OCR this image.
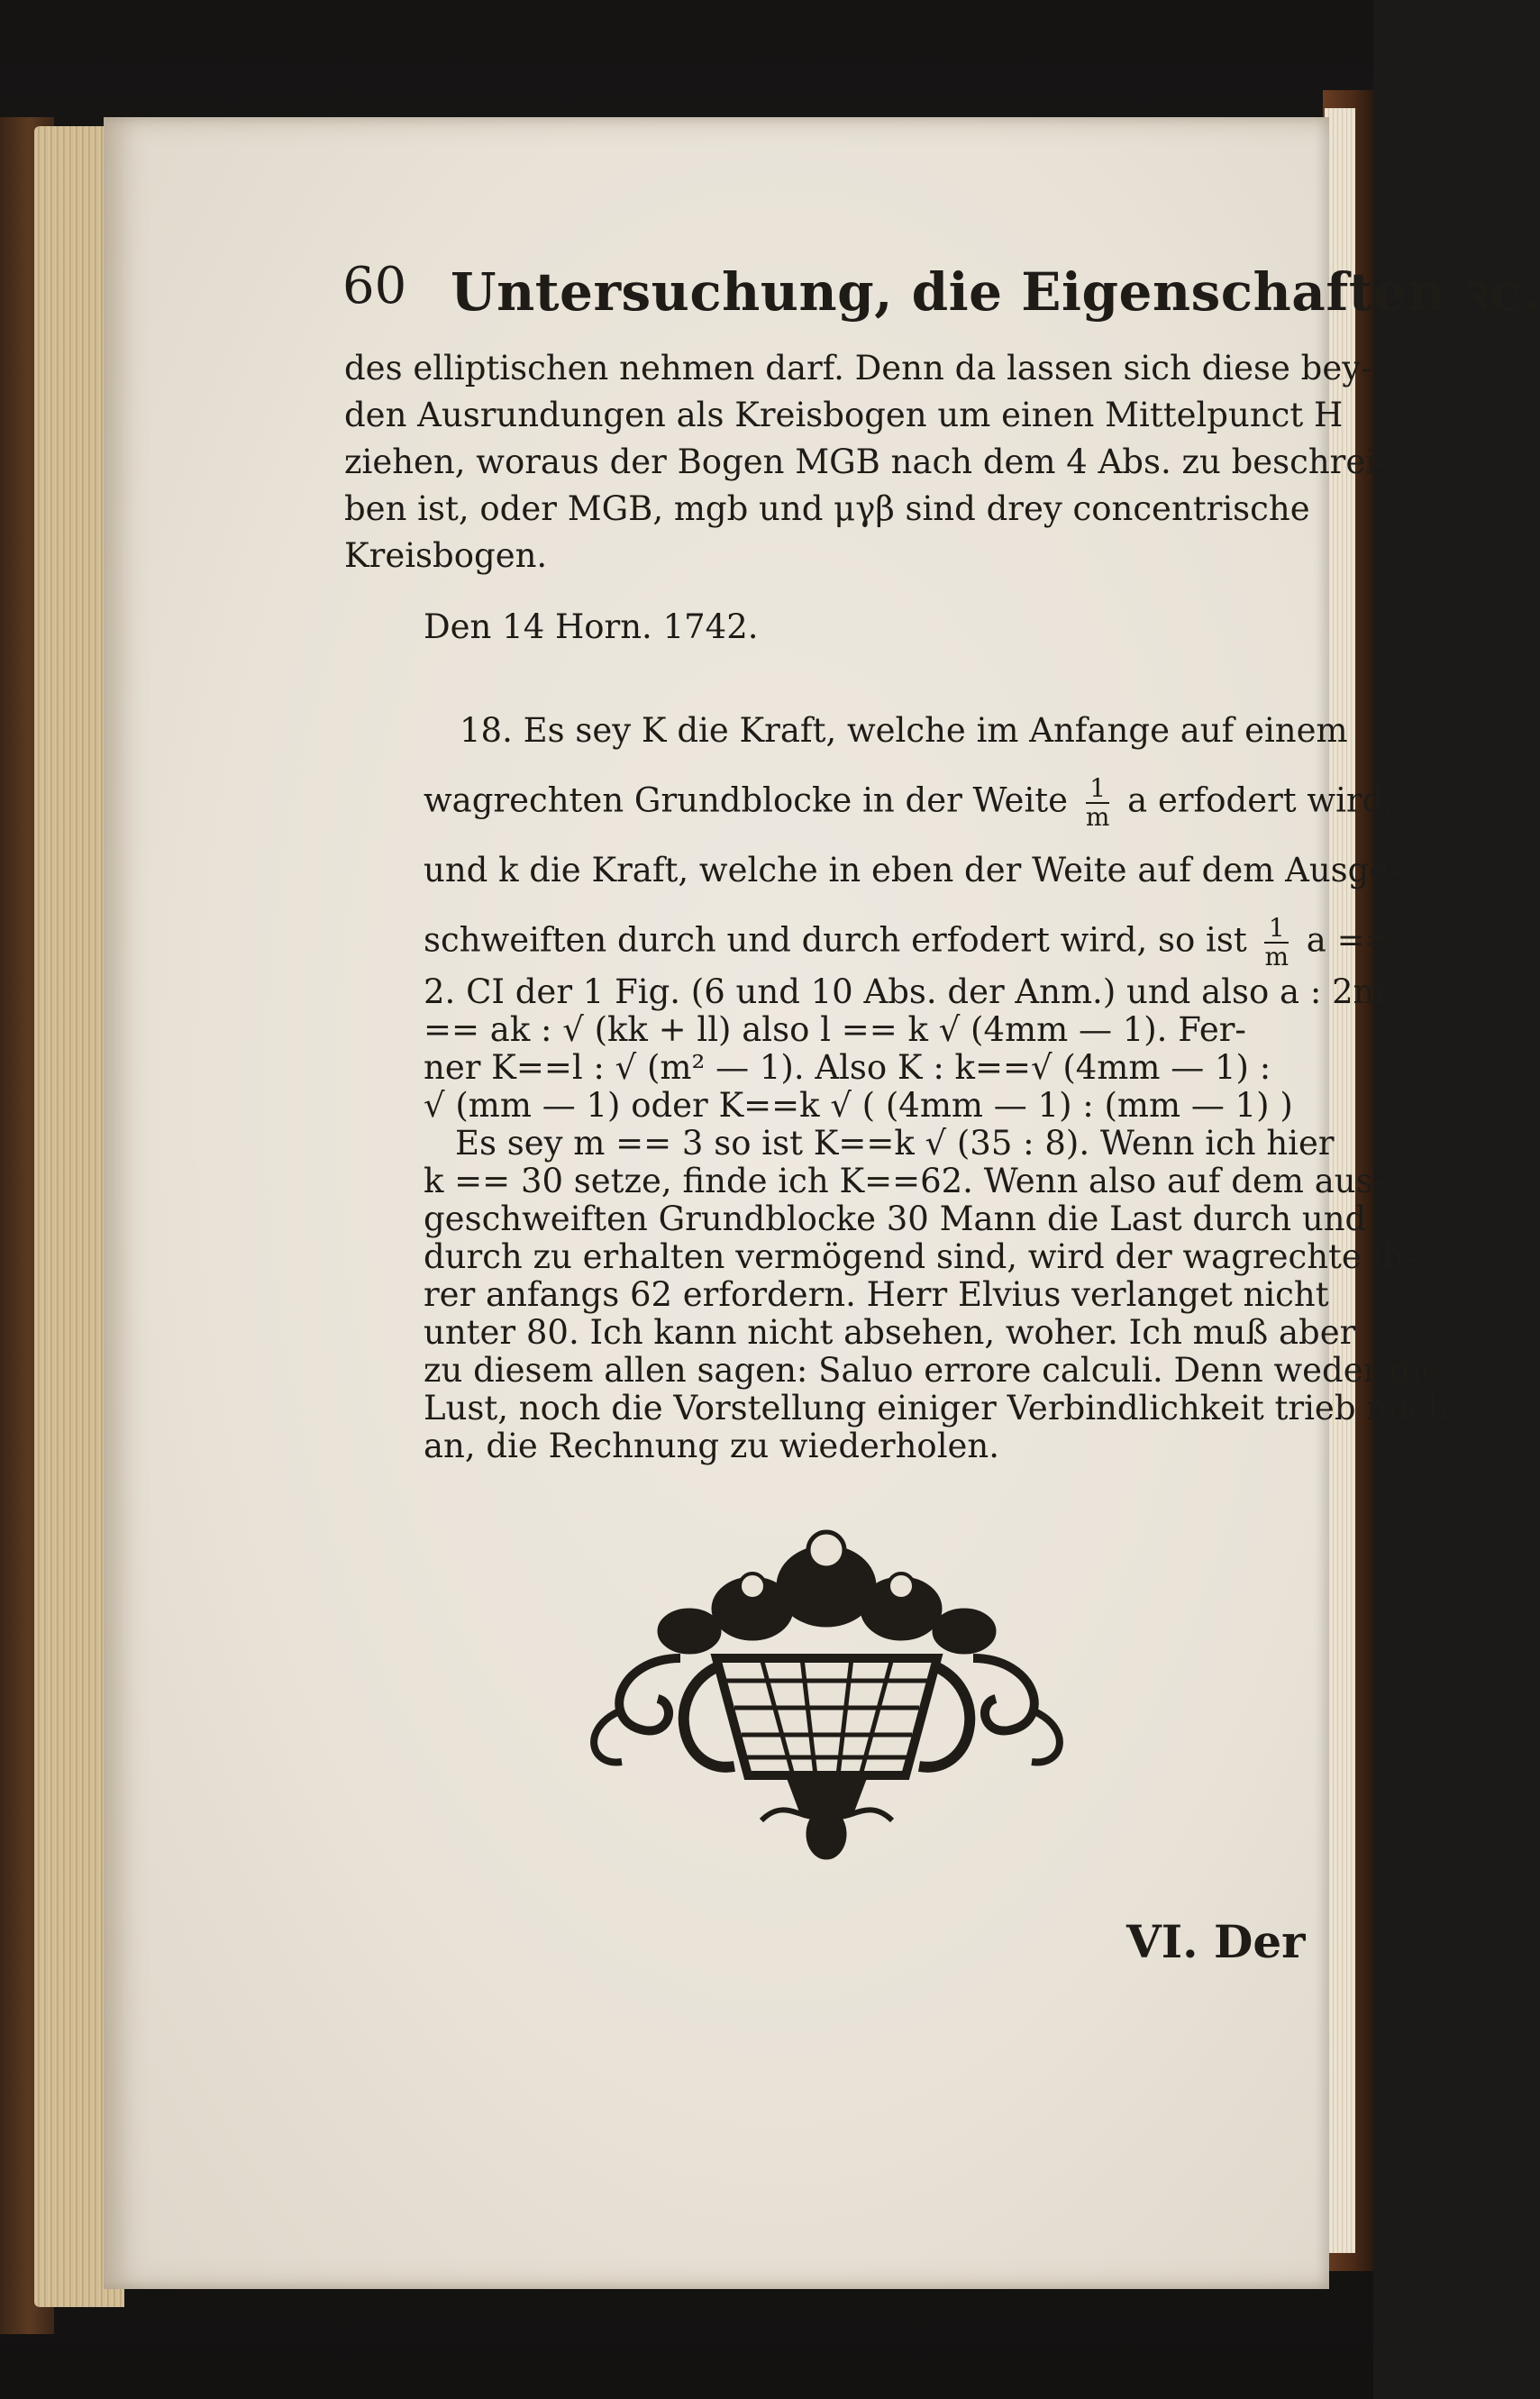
60 Untersuchung, die Eigenschaften ꝛc.
des elliptischen nehmen darf. Denn da lassen sich diese bey-
den Ausrundungen als Kreisbogen um einen Mittelpunct H
ziehen, woraus der Bogen MGB nach dem 4 Abs. zu beschrei-
ben ist, oder MGB, mgb und μγβ sind drey concentrische
Kreisbogen.
Den 14 Horn. 1742.
18. Es sey K die Kraft, welche im Anfange auf einem
wagrechten Grundblocke in der Weite $\frac{1}{m}$ a erfodert wird,
und k die Kraft, welche in eben der Weite auf dem Ausge-
schweiften durch und durch erfodert wird, so ist $\frac{1}{m}$ a ==
2. CI der 1 Fig. (6 und 10 Abs. der Anm.) und also a : 2m
== ak : √ (kk + ll) also l == k √ (4mm — 1). Fer-
ner K==l : √ (m² — 1). Also K : k==√ (4mm — 1) :
√ (mm — 1) oder K==k √ ( (4mm — 1) : (mm — 1) )
Es sey m == 3 so ist K==k √ (35 : 8). Wenn ich hier
k == 30 setze, finde ich K==62. Wenn also auf dem aus-
geschweiften Grundblocke 30 Mann die Last durch und
durch zu erhalten vermögend sind, wird der wagrechte ih-
rer anfangs 62 erfordern. Herr Elvius verlanget nicht
unter 80. Ich kann nicht absehen, woher. Ich muß aber
zu diesem allen sagen: Saluo errore calculi. Denn weder die
Lust, noch die Vorstellung einiger Verbindlichkeit trieb mich
an, die Rechnung zu wiederholen.
VI. Der
